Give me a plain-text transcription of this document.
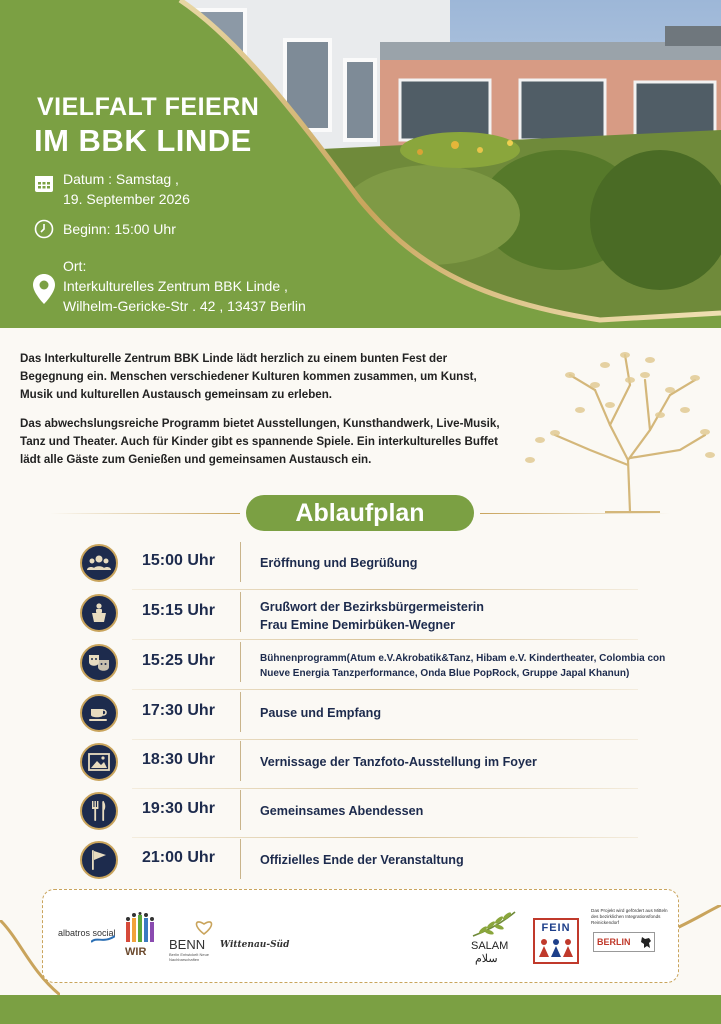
VIELFALT FEIERN
IM BBK LINDE
Datum : Samstag ,
19. September 2026
Beginn: 15:00 Uhr
Ort:
Interkulturelles Zentrum BBK Linde ,
Wilhelm-Gericke-Str . 42 , 13437 Berlin

Das Interkulturelle Zentrum BBK Linde lädt herzlich zu einem bunten Fest der Begegnung ein. Menschen verschiedener Kulturen kommen zusammen, um Kunst, Musik und kulturellen Austausch gemeinsam zu erleben.

Das abwechslungsreiche Programm bietet Ausstellungen, Kunsthandwerk, Live-Musik, Tanz und Theater. Auch für Kinder gibt es spannende Spiele. Ein interkulturelles Buffet lädt alle Gäste zum Genießen und gemeinsamen Austausch ein.

Ablaufplan
15:00 Uhr	Eröffnung und Begrüßung
15:15 Uhr	Grußwort der Bezirksbürgermeisterin
Frau Emine Demirbüken-Wegner
15:25 Uhr	Bühnenprogramm(Atum e.V.Akrobatik&Tanz, Hibam e.V. Kindertheater, Colombia con
Nueve Energia Tanzperformance, Onda Blue PopRock, Gruppe Japal Khanun)
17:30 Uhr	Pause und Empfang
18:30 Uhr	Vernissage der Tanzfoto-Ausstellung im Foyer
19:30 Uhr	Gemeinsames Abendessen
21:00 Uhr	Offizielles Ende der Veranstaltung
albatros social
WIR BENN
Berlin Entwickelt Neue Nachbarschaften
Wittenau-Süd	SALAM
سلام
FEIN
Das Projekt wird gefördert aus Mitteln des bezirklichen Integrationsfonds Reinickendorf
BERLIN
